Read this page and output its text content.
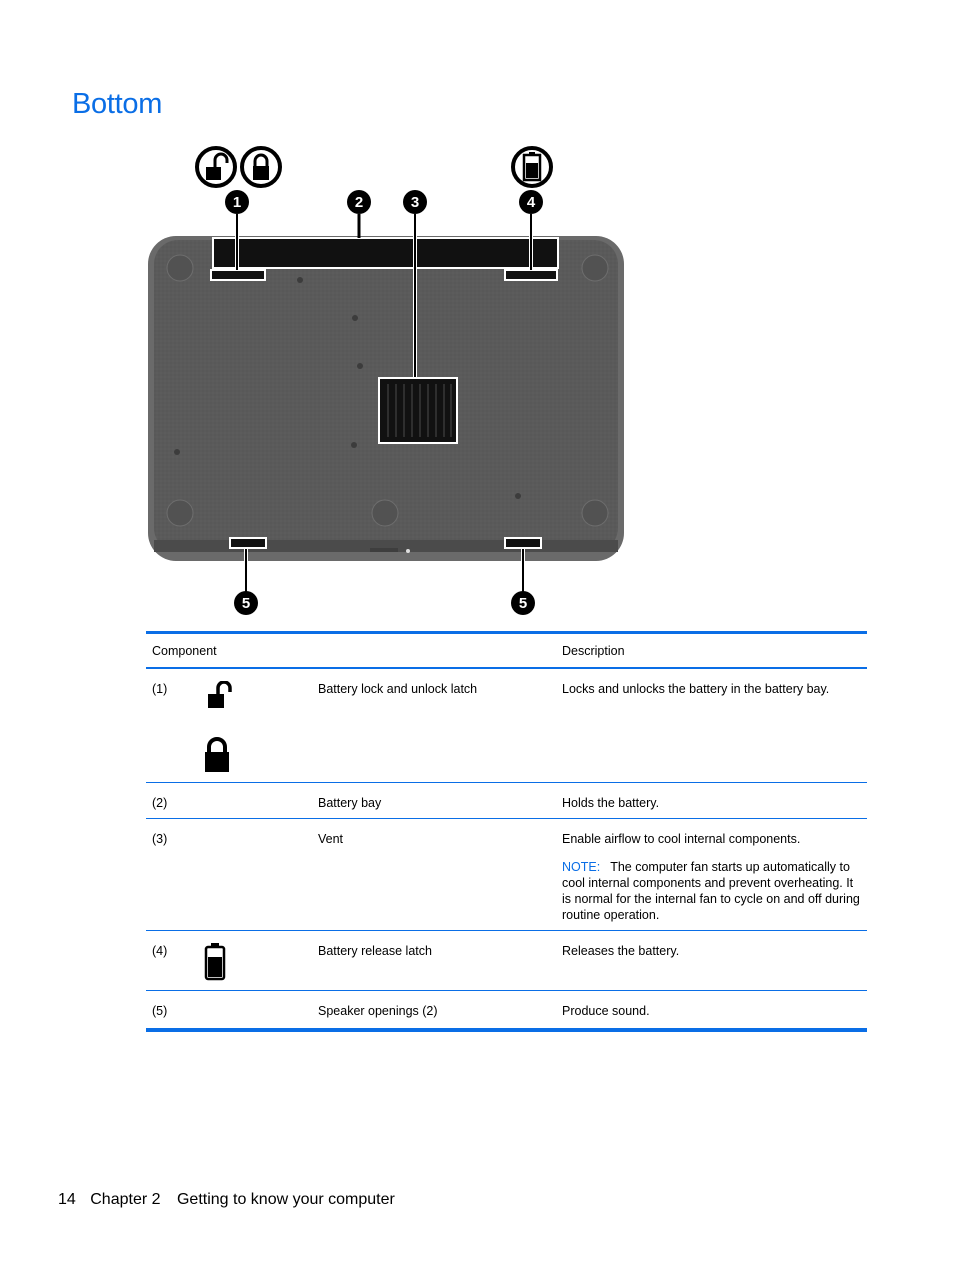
Bottom
1	2	3	4
5	5
Component			Description
(1)		Battery lock and unlock latch	Locks and unlocks the battery in the battery bay.
(2)		Battery bay	Holds the battery.
(3)		Vent	Enable airflow to cool internal components.

NOTE: The computer fan starts up automatically to cool internal components and prevent overheating. It is normal for the internal fan to cycle on and off during routine operation.

(4)		Battery release latch	Releases the battery.
(5)		Speaker openings (2)	Produce sound.
14 Chapter 2 Getting to know your computer
